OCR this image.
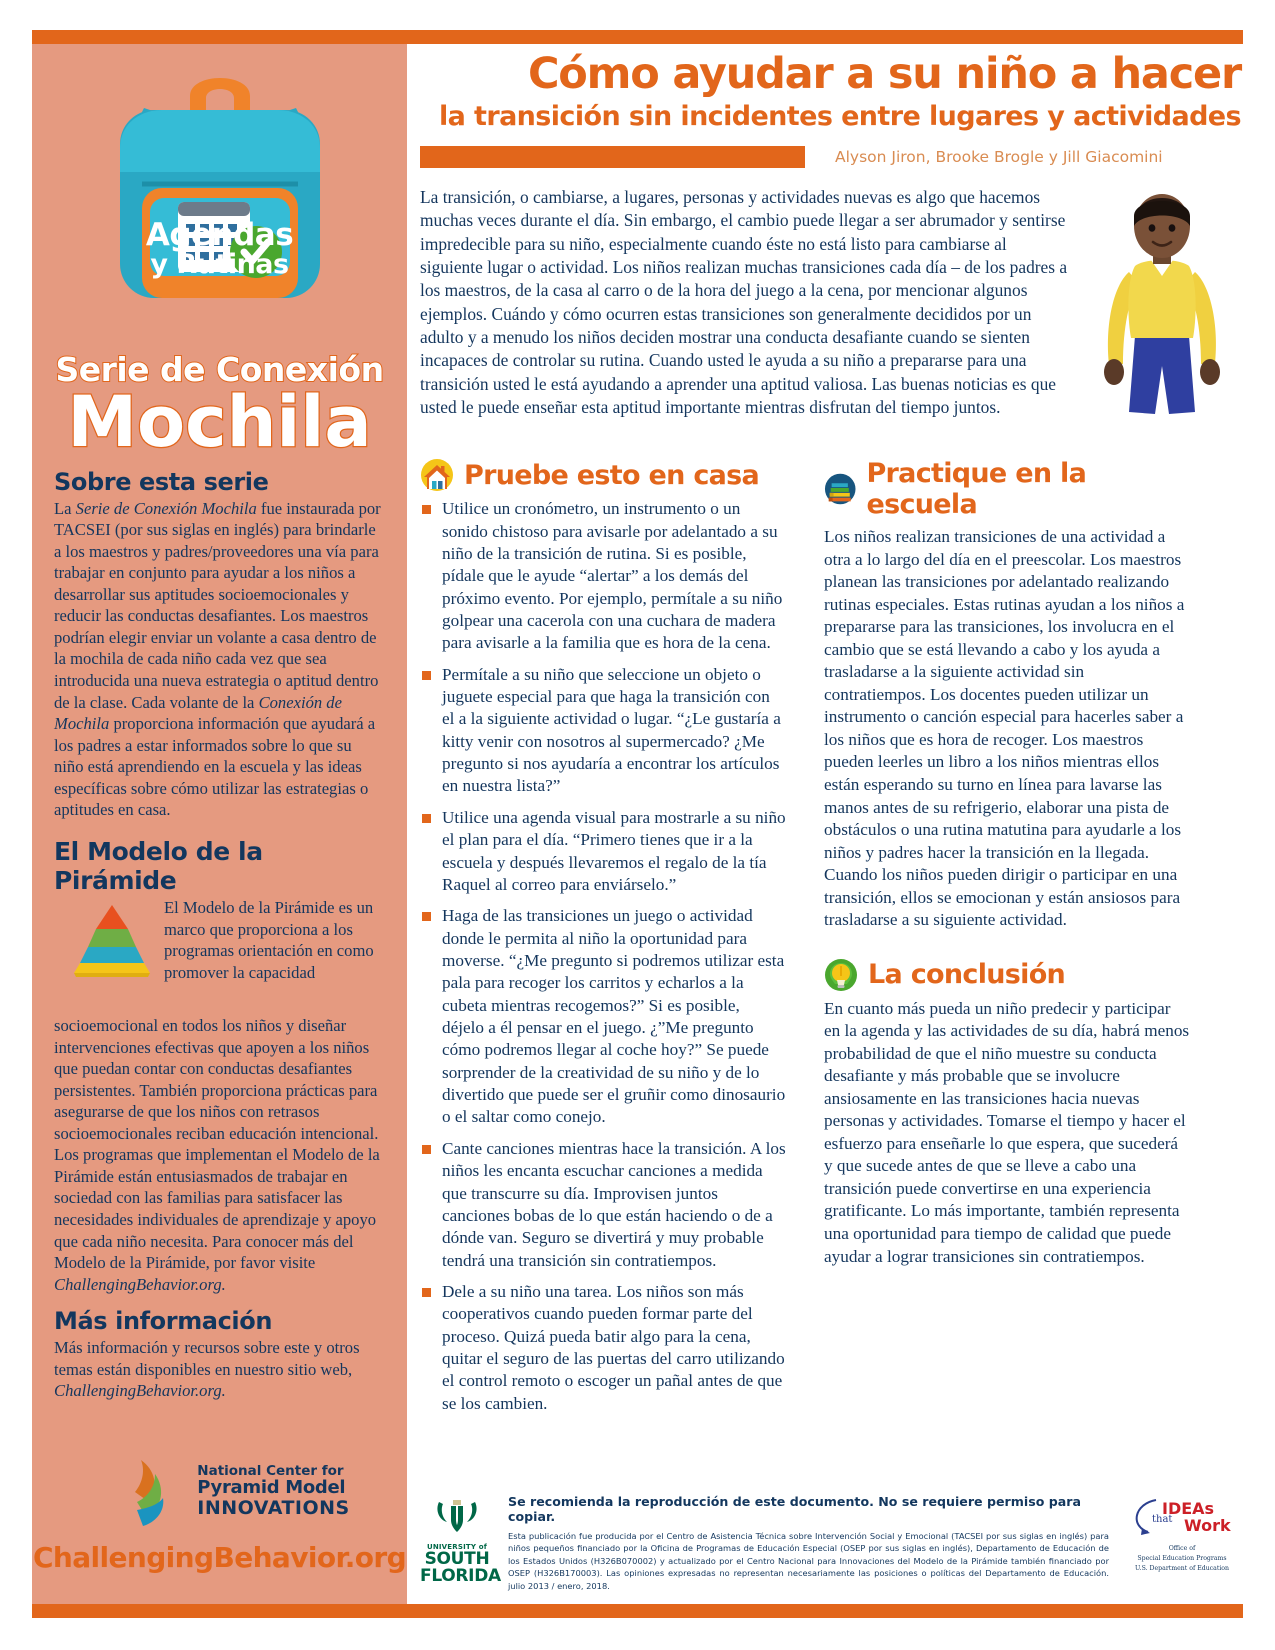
Agendas
y Rutinas
Serie de Conexión
Mochila
Sobre esta serie

La Serie de Conexión Mochila fue instaurada por TACSEI (por sus siglas en inglés) para brindarle a los maestros y padres/proveedores una vía para trabajar en conjunto para ayudar a los niños a desarrollar sus aptitudes socioemocionales y reducir las conductas desafiantes. Los maestros podrían elegir enviar un volante a casa dentro de la mochila de cada niño cada vez que sea introducida una nueva estrategia o aptitud dentro de la clase. Cada volante de la Conexión de Mochila proporciona información que ayudará a los padres a estar informados sobre lo que su niño está aprendiendo en la escuela y las ideas específicas sobre cómo utilizar las estrategias o aptitudes en casa.

El Modelo de la Pirámide

El Modelo de la Pirámide es un marco que proporciona a los programas orientación en como promover la capacidad

socioemocional en todos los niños y diseñar intervenciones efectivas que apoyen a los niños que puedan contar con conductas desafiantes persistentes. También proporciona prácticas para asegurarse de que los niños con retrasos socioemocionales reciban educación intencional. Los programas que implementan el Modelo de la Pirámide están entusiasmados de trabajar en sociedad con las familias para satisfacer las necesidades individuales de aprendizaje y apoyo que cada niño necesita. Para conocer más del Modelo de la Pirámide, por favor visite ChallengingBehavior.org.

Más información

Más información y recursos sobre este y otros temas están disponibles en nuestro sitio web, ChallengingBehavior.org.

National Center for
Pyramid Model
INNOVATIONS
ChallengingBehavior.org
Cómo ayudar a su niño a hacer
la transición sin incidentes entre lugares y actividades
Alyson Jiron, Brooke Brogle y Jill Giacomini

La transición, o cambiarse, a lugares, personas y actividades nuevas es algo que hacemos muchas veces durante el día. Sin embargo, el cambio puede llegar a ser abrumador y sentirse impredecible para su niño, especialmente cuando éste no está listo para cambiarse al siguiente lugar o actividad. Los niños realizan muchas transiciones cada día – de los padres a los maestros, de la casa al carro o de la hora del juego a la cena, por mencionar algunos ejemplos. Cuándo y cómo ocurren estas transiciones son generalmente decididos por un adulto y a menudo los niños deciden mostrar una conducta desafiante cuando se sienten incapaces de controlar su rutina. Cuando usted le ayuda a su niño a prepararse para una transición usted le está ayudando a aprender una aptitud valiosa. Las buenas noticias es que usted le puede enseñar esta aptitud importante mientras disfrutan del tiempo juntos.

Pruebe esto en casa
Utilice un cronómetro, un instrumento o un sonido chistoso para avisarle por adelantado a su niño de la transición de rutina. Si es posible, pídale que le ayude “alertar” a los demás del próximo evento. Por ejemplo, permítale a su niño golpear una cacerola con una cuchara de madera para avisarle a la familia que es hora de la cena.
Permítale a su niño que seleccione un objeto o juguete especial para que haga la transición con el a la siguiente actividad o lugar. “¿Le gustaría a kitty venir con nosotros al supermercado? ¿Me pregunto si nos ayudaría a encontrar los artículos en nuestra lista?”
Utilice una agenda visual para mostrarle a su niño el plan para el día. “Primero tienes que ir a la escuela y después llevaremos el regalo de la tía Raquel al correo para enviárselo.”
Haga de las transiciones un juego o actividad donde le permita al niño la oportunidad para moverse. “¿Me pregunto si podremos utilizar esta pala para recoger los carritos y echarlos a la cubeta mientras recogemos?” Si es posible, déjelo a él pensar en el juego. ¿”Me pregunto cómo podremos llegar al coche hoy?” Se puede sorprender de la creatividad de su niño y de lo divertido que puede ser el gruñir como dinosaurio o el saltar como conejo.
Cante canciones mientras hace la transición. A los niños les encanta escuchar canciones a medida que transcurre su día. Improvisen juntos canciones bobas de lo que están haciendo o de a dónde van. Seguro se divertirá y muy probable tendrá una transición sin contratiempos.
Dele a su niño una tarea. Los niños son más cooperativos cuando pueden formar parte del proceso. Quizá pueda batir algo para la cena, quitar el seguro de las puertas del carro utilizando el control remoto o escoger un pañal antes de que se los cambien.
Practique en la escuela

Los niños realizan transiciones de una actividad a otra a lo largo del día en el preescolar. Los maestros planean las transiciones por adelantado realizando rutinas especiales. Estas rutinas ayudan a los niños a prepararse para las transiciones, los involucra en el cambio que se está llevando a cabo y los ayuda a trasladarse a la siguiente actividad sin contratiempos. Los docentes pueden utilizar un instrumento o canción especial para hacerles saber a los niños que es hora de recoger. Los maestros pueden leerles un libro a los niños mientras ellos están esperando su turno en línea para lavarse las manos antes de su refrigerio, elaborar una pista de obstáculos o una rutina matutina para ayudarle a los niños y padres hacer la transición en la llegada. Cuando los niños pueden dirigir o participar en una transición, ellos se emocionan y están ansiosos para trasladarse a su siguiente actividad.

La conclusión

En cuanto más pueda un niño predecir y participar en la agenda y las actividades de su día, habrá menos probabilidad de que el niño muestre su conducta desafiante y más probable que se involucre ansiosamente en las transiciones hacia nuevas personas y actividades. Tomarse el tiempo y hacer el esfuerzo para enseñarle lo que espera, que sucederá y que sucede antes de que se lleve a cabo una transición puede convertirse en una experiencia gratificante. Lo más importante, también representa una oportunidad para tiempo de calidad que puede ayudar a lograr transiciones sin contratiempos.

UNIVERSITY of
SOUTH
FLORIDA
Se recomienda la reproducción de este documento. No se requiere permiso para copiar.
Esta publicación fue producida por el Centro de Asistencia Técnica sobre Intervención Social y Emocional (TACSEI por sus siglas en inglés) para niños pequeños financiado por la Oficina de Programas de Educación Especial (OSEP por sus siglas en inglés), Departamento de Educación de los Estados Unidos (H326B070002) y actualizado por el Centro Nacional para Innovaciones del Modelo de la Pirámide también financiado por OSEP (H326B170003). Las opiniones expresadas no representan necesariamente las posiciones o políticas del Departamento de Educación. julio 2013 / enero, 2018.
IDEAs
that Work
Office of
Special Education Programs
U.S. Department of Education
